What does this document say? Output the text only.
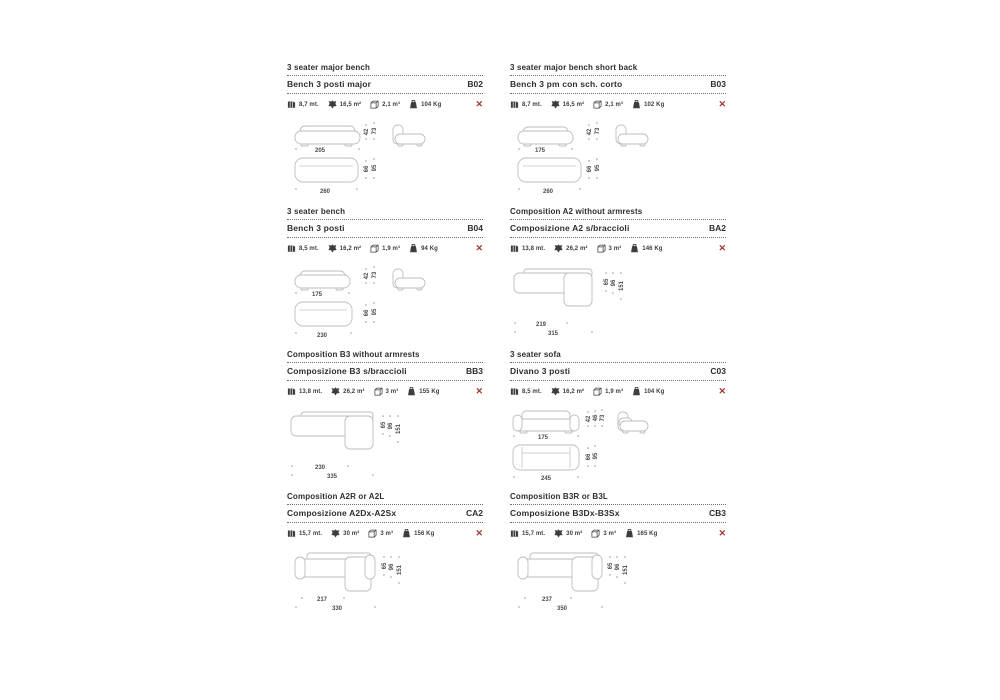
3 seater major bench
Bench 3 posti major	B02
8,7 mt.	16,5 m²	2,1 m³	104 Kg	✕
205
42 73
260
66 95
3 seater major bench short back
Bench 3 pm con sch. corto	B03
8,7 mt.	16,5 m²	2,1 m³	102 Kg	✕
175
42 73
260
66 95
3 seater bench
Bench 3 posti	B04
8,5 mt.	16,2 m²	1,9 m³	94 Kg	✕
175
42 73
230
66 95
Composition A2 without armrests
Composizione A2 s/braccioli	BA2
13,8 mt.	26,2 m²	3 m³	146 Kg	✕
219
315
65 96 151
Composition B3 without armrests
Composizione B3 s/braccioli	BB3
13,8 mt.	26,2 m²	3 m³	155 Kg	✕
230
335
65 96 151
3 seater sofa
Divano 3 posti	C03
8,5 mt.	16,2 m²	1,9 m³	104 Kg	✕
175
42 46 73
245
66 95
Composition A2R or A2L
Composizione A2Dx-A2Sx	CA2
15,7 mt.	30 m²	3 m³	156 Kg	✕
217
330
65 96 151
Composition B3R or B3L
Composizione B3Dx-B3Sx	CB3
15,7 mt.	30 m²	3 m³	165 Kg	✕
237
350
65 96 151
